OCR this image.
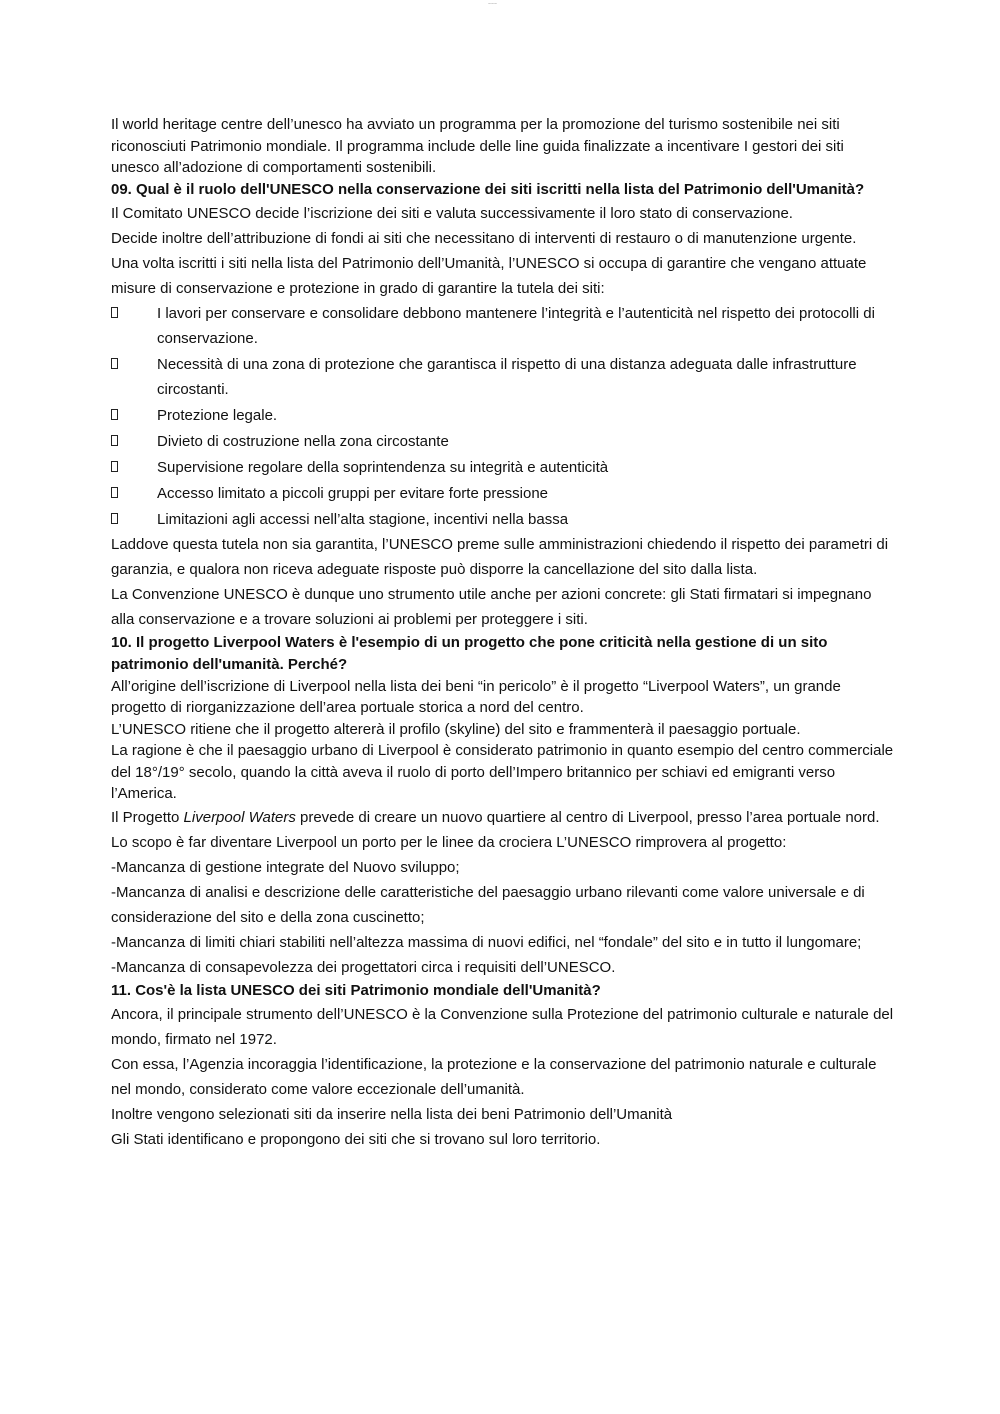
–––

Il world heritage centre dell’unesco ha avviato un programma per la promozione del turismo sostenibile nei siti riconosciuti Patrimonio mondiale. Il programma include delle line guida finalizzate a incentivare I gestori dei siti unesco all’adozione di comportamenti sostenibili.

09. Qual è il ruolo dell'UNESCO nella conservazione dei siti iscritti nella lista del Patrimonio dell'Umanità?

Il Comitato UNESCO decide l’iscrizione dei siti e valuta successivamente il loro stato di conservazione.

Decide inoltre dell’attribuzione di fondi ai siti che necessitano di interventi di restauro o di manutenzione urgente.

Una volta iscritti i siti nella lista del Patrimonio dell’Umanità, l’UNESCO si occupa di garantire che vengano attuate misure di conservazione e protezione in grado di garantire la tutela dei siti:

I lavori per conservare e consolidare debbono mantenere l’integrità e l’autenticità nel rispetto dei protocolli di conservazione.
Necessità di una zona di protezione che garantisca il rispetto di una distanza adeguata dalle infrastrutture circostanti.
Protezione legale.
Divieto di costruzione nella zona circostante
Supervisione regolare della soprintendenza su integrità e autenticità
Accesso limitato a piccoli gruppi per evitare forte pressione
Limitazioni agli accessi nell’alta stagione, incentivi nella bassa

Laddove questa tutela non sia garantita, l’UNESCO preme sulle amministrazioni chiedendo il rispetto dei parametri di garanzia, e qualora non riceva adeguate risposte può disporre la cancellazione del sito dalla lista.

La Convenzione UNESCO è dunque uno strumento utile anche per azioni concrete: gli Stati firmatari si impegnano alla conservazione e a trovare soluzioni ai problemi per proteggere i siti.

10. Il progetto Liverpool Waters è l'esempio di un progetto che pone criticità nella gestione di un sito patrimonio dell'umanità. Perché?

All’origine dell’iscrizione di Liverpool nella lista dei beni “in pericolo” è il progetto “Liverpool Waters”, un grande progetto di riorganizzazione dell’area portuale storica a nord del centro.

L’UNESCO ritiene che il progetto altererà il profilo (skyline) del sito e frammenterà il paesaggio portuale.

La ragione è che il paesaggio urbano di Liverpool è considerato patrimonio in quanto esempio del centro commerciale del 18°/19° secolo, quando la città aveva il ruolo di porto dell’Impero britannico per schiavi ed emigranti verso l’America.

Il Progetto Liverpool Waters prevede di creare un nuovo quartiere al centro di Liverpool, presso l’area portuale nord. Lo scopo è far diventare Liverpool un porto per le linee da crociera L’UNESCO rimprovera al progetto:

-Mancanza di gestione integrate del Nuovo sviluppo;

-Mancanza di analisi e descrizione delle caratteristiche del paesaggio urbano rilevanti come valore universale e di considerazione del sito e della zona cuscinetto;

-Mancanza di limiti chiari stabiliti nell’altezza massima di nuovi edifici, nel “fondale” del sito e in tutto il lungomare;

-Mancanza di consapevolezza dei progettatori circa i requisiti dell’UNESCO.

11. Cos'è la lista UNESCO dei siti Patrimonio mondiale dell'Umanità?

Ancora, il principale strumento dell’UNESCO è la Convenzione sulla Protezione del patrimonio culturale e naturale del mondo, firmato nel 1972.

Con essa, l’Agenzia incoraggia l’identificazione, la protezione e la conservazione del patrimonio naturale e culturale nel mondo, considerato come valore eccezionale dell’umanità.

Inoltre vengono selezionati siti da inserire nella lista dei beni Patrimonio dell’Umanità

Gli Stati identificano e propongono dei siti che si trovano sul loro territorio.
